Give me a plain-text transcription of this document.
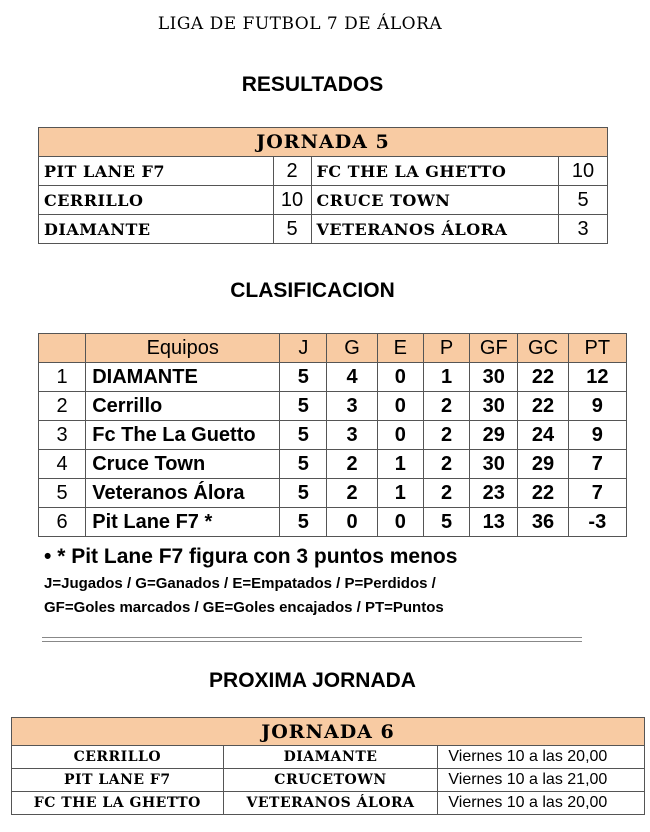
LIGA DE FUTBOL 7 DE ÁLORA
RESULTADOS
JORNADA 5			
PIT LANE F7	2	FC THE LA GHETTO	10
CERRILLO	10	CRUCE TOWN	5
DIAMANTE	5	VETERANOS ÁLORA	3
CLASIFICACION
	Equipos	J	G	E	P	GF	GC	PT
1	DIAMANTE	5	4	0	1	30	22	12
2	Cerrillo	5	3	0	2	30	22	9
3	Fc The La Guetto	5	3	0	2	29	24	9
4	Cruce Town	5	2	1	2	30	29	7
5	Veteranos Álora	5	2	1	2	23	22	7
6	Pit Lane F7 *	5	0	0	5	13	36	-3
• * Pit Lane F7 figura con 3 puntos menos
J=Jugados / G=Ganados / E=Empatados / P=Perdidos /
GF=Goles marcados / GE=Goles encajados / PT=Puntos
PROXIMA JORNADA
JORNADA 6		
CERRILLO	DIAMANTE	Viernes 10 a las 20,00
PIT LANE F7	CRUCETOWN	Viernes 10 a las 21,00
FC THE LA GHETTO	VETERANOS ÁLORA	Viernes 10 a las 20,00
